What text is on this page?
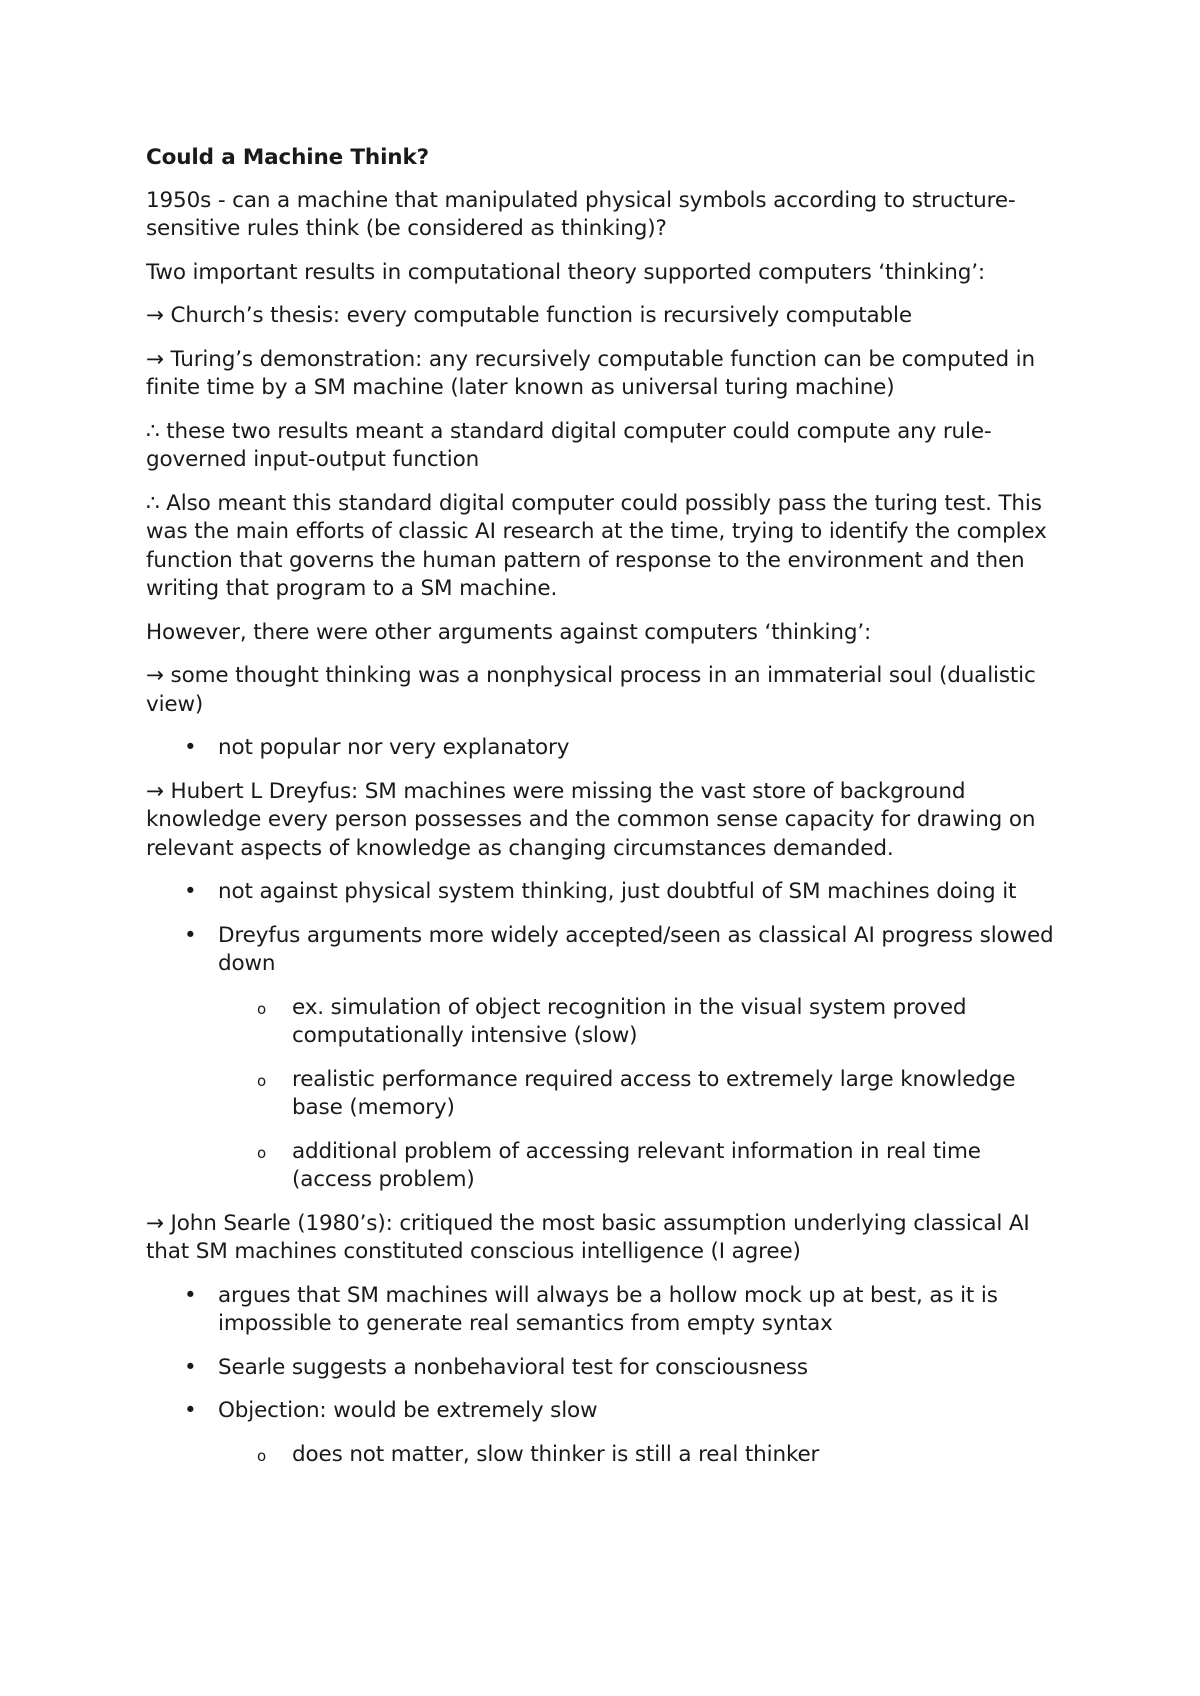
Could a Machine Think?
1950s - can a machine that manipulated physical symbols according to structure-sensitive rules think (be considered as thinking)?
Two important results in computational theory supported computers ‘thinking’:
→ Church’s thesis: every computable function is recursively computable
→ Turing’s demonstration: any recursively computable function can be computed in finite time by a SM machine (later known as universal turing machine)
∴ these two results meant a standard digital computer could compute any rule-governed input-output function
∴ Also meant this standard digital computer could possibly pass the turing test. This was the main efforts of classic AI research at the time, trying to identify the complex function that governs the human pattern of response to the environment and then writing that program to a SM machine.
However, there were other arguments against computers ‘thinking’:
→ some thought thinking was a nonphysical process in an immaterial soul (dualistic view)
• not popular nor very explanatory
→ Hubert L Dreyfus: SM machines were missing the vast store of background knowledge every person possesses and the common sense capacity for drawing on relevant aspects of knowledge as changing circumstances demanded.
• not against physical system thinking, just doubtful of SM machines doing it
• Dreyfus arguments more widely accepted/seen as classical AI progress slowed down
o ex. simulation of object recognition in the visual system proved computationally intensive (slow)
o realistic performance required access to extremely large knowledge base (memory)
o additional problem of accessing relevant information in real time (access problem)
→ John Searle (1980’s): critiqued the most basic assumption underlying classical AI that SM machines constituted conscious intelligence (I agree)
• argues that SM machines will always be a hollow mock up at best, as it is impossible to generate real semantics from empty syntax
• Searle suggests a nonbehavioral test for consciousness
• Objection: would be extremely slow
o does not matter, slow thinker is still a real thinker
